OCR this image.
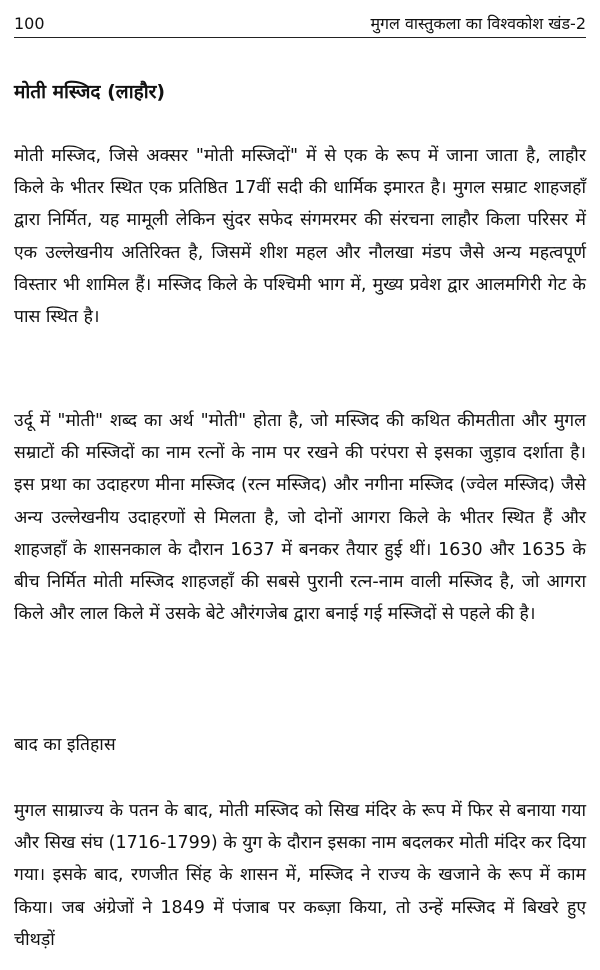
100	मुगल वास्तुकला का विश्वकोश खंड-2
मोती मस्जिद (लाहौर)

मोती मस्जिद, जिसे अक्सर "मोती मस्जिदों" में से एक के रूप में जाना जाता है, लाहौर किले के भीतर स्थित एक प्रतिष्ठित 17वीं सदी की धार्मिक इमारत है। मुगल सम्राट शाहजहाँ द्वारा निर्मित, यह मामूली लेकिन सुंदर सफेद संगमरमर की संरचना लाहौर किला परिसर में एक उल्लेखनीय अतिरिक्त है, जिसमें शीश महल और नौलखा मंडप जैसे अन्य महत्वपूर्ण विस्तार भी शामिल हैं। मस्जिद किले के पश्चिमी भाग में, मुख्य प्रवेश द्वार आलमगिरी गेट के पास स्थित है।

उर्दू में "मोती" शब्द का अर्थ "मोती" होता है, जो मस्जिद की कथित कीमतीता और मुगल सम्राटों की मस्जिदों का नाम रत्नों के नाम पर रखने की परंपरा से इसका जुड़ाव दर्शाता है। इस प्रथा का उदाहरण मीना मस्जिद (रत्न मस्जिद) और नगीना मस्जिद (ज्वेल मस्जिद) जैसे अन्य उल्लेखनीय उदाहरणों से मिलता है, जो दोनों आगरा किले के भीतर स्थित हैं और शाहजहाँ के शासनकाल के दौरान 1637 में बनकर तैयार हुई थीं। 1630 और 1635 के बीच निर्मित मोती मस्जिद शाहजहाँ की सबसे पुरानी रत्न-नाम वाली मस्जिद है, जो आगरा किले और लाल किले में उसके बेटे औरंगजेब द्वारा बनाई गई मस्जिदों से पहले की है।

बाद का इतिहास

मुगल साम्राज्य के पतन के बाद, मोती मस्जिद को सिख मंदिर के रूप में फिर से बनाया गया और सिख संघ (1716-1799) के युग के दौरान इसका नाम बदलकर मोती मंदिर कर दिया गया। इसके बाद, रणजीत सिंह के शासन में, मस्जिद ने राज्य के खजाने के रूप में काम किया। जब अंग्रेजों ने 1849 में पंजाब पर कब्ज़ा किया, तो उन्हें मस्जिद में बिखरे हुए चीथड़ों
